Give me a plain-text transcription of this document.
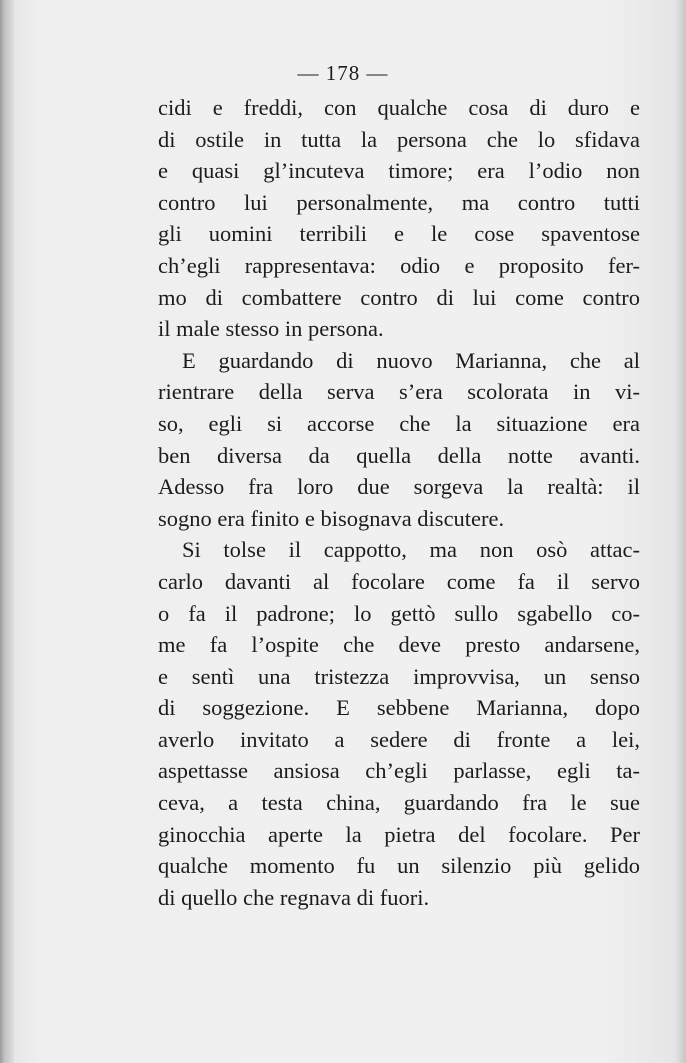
— 178 —
cidi e freddi, con qualche cosa di duro e
di ostile in tutta la persona che lo sfidava
e quasi gl’incuteva timore; era l’odio non
contro lui personalmente, ma contro tutti
gli uomini terribili e le cose spaventose
ch’egli rappresentava: odio e proposito fer-
mo di combattere contro di lui come contro
il male stesso in persona.
E guardando di nuovo Marianna, che al
rientrare della serva s’era scolorata in vi-
so, egli si accorse che la situazione era
ben diversa da quella della notte avanti.
Adesso fra loro due sorgeva la realtà: il
sogno era finito e bisognava discutere.
Si tolse il cappotto, ma non osò attac-
carlo davanti al focolare come fa il servo
o fa il padrone; lo gettò sullo sgabello co-
me fa l’ospite che deve presto andarsene,
e sentì una tristezza improvvisa, un senso
di soggezione. E sebbene Marianna, dopo
averlo invitato a sedere di fronte a lei,
aspettasse ansiosa ch’egli parlasse, egli ta-
ceva, a testa china, guardando fra le sue
ginocchia aperte la pietra del focolare. Per
qualche momento fu un silenzio più gelido
di quello che regnava di fuori.
